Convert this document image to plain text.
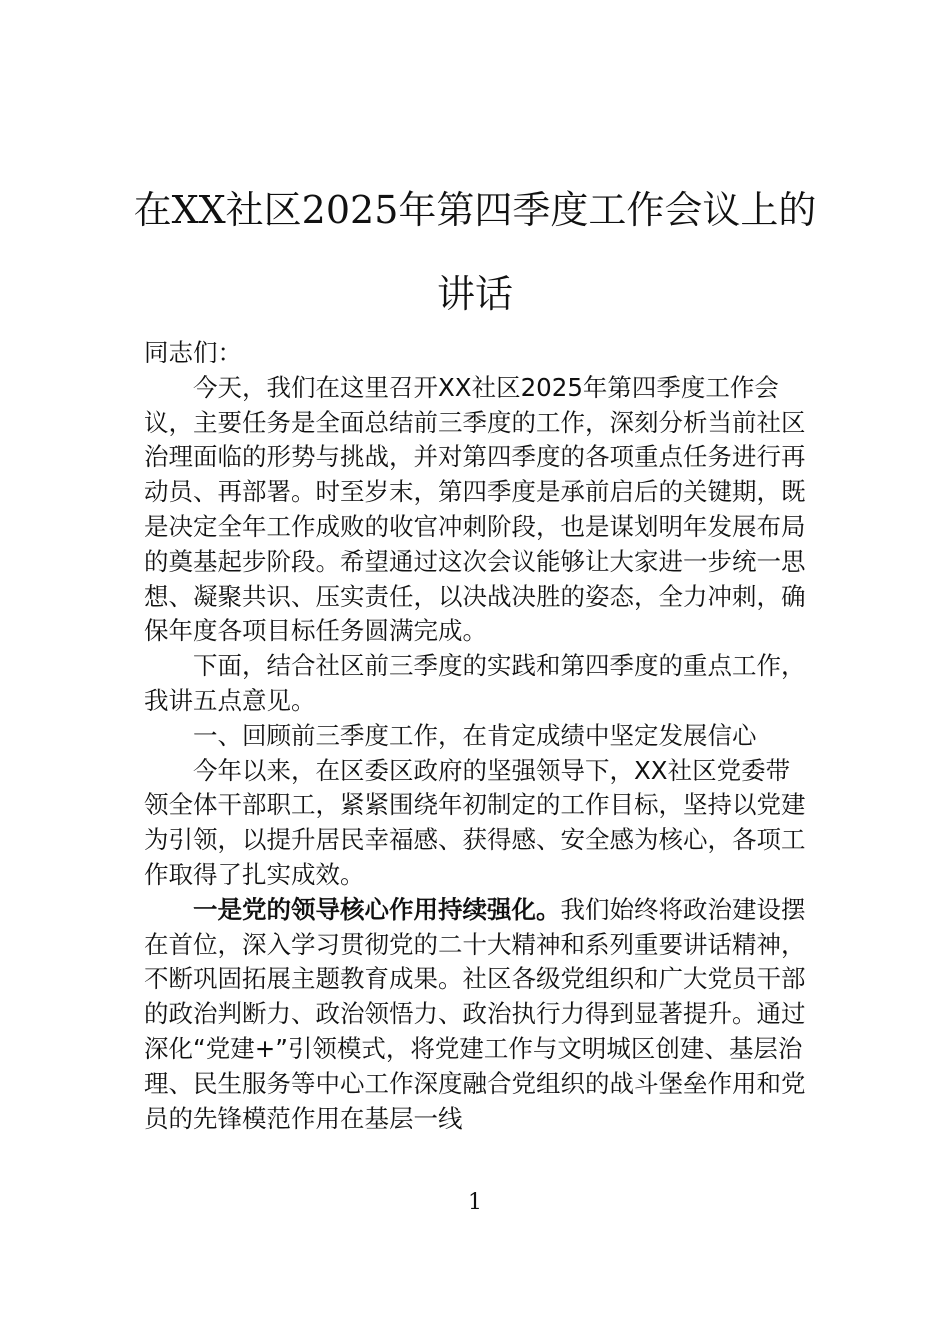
在XX社区2025年第四季度工作会议上的
讲话

同志们：

今天，我们在这里召开XX社区2025年第四季度工作会议，主要任务是全面总结前三季度的工作，深刻分析当前社区治理面临的形势与挑战，并对第四季度的各项重点任务进行再动员、再部署。时至岁末，第四季度是承前启后的关键期，既是决定全年工作成败的收官冲刺阶段，也是谋划明年发展布局的奠基起步阶段。希望通过这次会议能够让大家进一步统一思想、凝聚共识、压实责任，以决战决胜的姿态，全力冲刺，确保年度各项目标任务圆满完成。

下面，结合社区前三季度的实践和第四季度的重点工作，我讲五点意见。

一、回顾前三季度工作，在肯定成绩中坚定发展信心

今年以来，在区委区政府的坚强领导下，XX社区党委带领全体干部职工，紧紧围绕年初制定的工作目标，坚持以党建为引领，以提升居民幸福感、获得感、安全感为核心，各项工作取得了扎实成效。

一是党的领导核心作用持续强化。我们始终将政治建设摆在首位，深入学习贯彻党的二十大精神和系列重要讲话精神，不断巩固拓展主题教育成果。社区各级党组织和广大党员干部的政治判断力、政治领悟力、政治执行力得到显著提升。通过深化“党建+”引领模式，将党建工作与文明城区创建、基层治理、民生服务等中心工作深度融合党组织的战斗堡垒作用和党员的先锋模范作用在基层一线

1
